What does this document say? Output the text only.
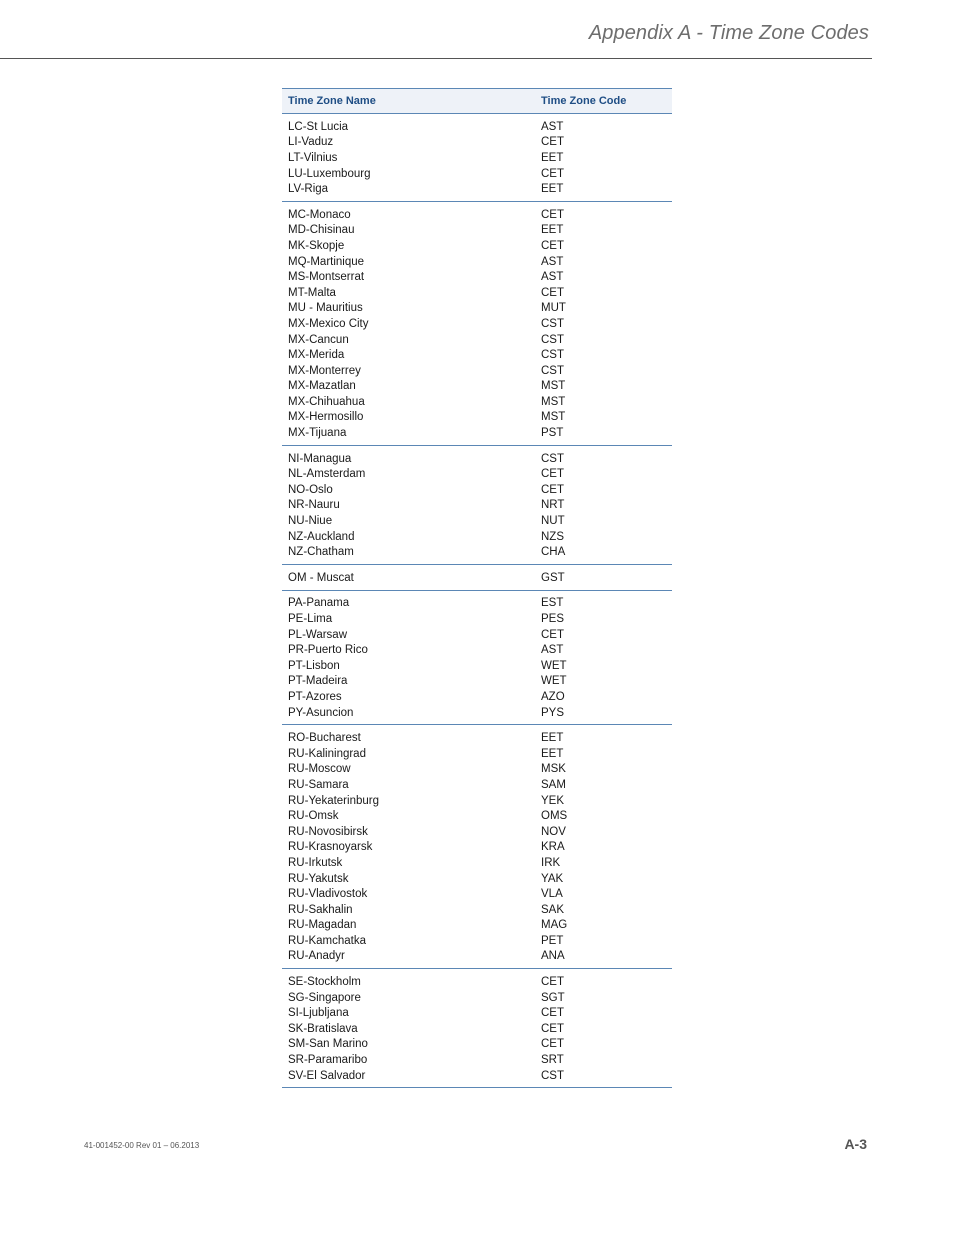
Appendix A - Time Zone Codes
Time Zone Name	Time Zone Code
LC-St Lucia	AST
LI-Vaduz	CET
LT-Vilnius	EET
LU-Luxembourg	CET
LV-Riga	EET
MC-Monaco	CET
MD-Chisinau	EET
MK-Skopje	CET
MQ-Martinique	AST
MS-Montserrat	AST
MT-Malta	CET
MU - Mauritius	MUT
MX-Mexico City	CST
MX-Cancun	CST
MX-Merida	CST
MX-Monterrey	CST
MX-Mazatlan	MST
MX-Chihuahua	MST
MX-Hermosillo	MST
MX-Tijuana	PST
NI-Managua	CST
NL-Amsterdam	CET
NO-Oslo	CET
NR-Nauru	NRT
NU-Niue	NUT
NZ-Auckland	NZS
NZ-Chatham	CHA
OM - Muscat	GST
PA-Panama	EST
PE-Lima	PES
PL-Warsaw	CET
PR-Puerto Rico	AST
PT-Lisbon	WET
PT-Madeira	WET
PT-Azores	AZO
PY-Asuncion	PYS
RO-Bucharest	EET
RU-Kaliningrad	EET
RU-Moscow	MSK
RU-Samara	SAM
RU-Yekaterinburg	YEK
RU-Omsk	OMS
RU-Novosibirsk	NOV
RU-Krasnoyarsk	KRA
RU-Irkutsk	IRK
RU-Yakutsk	YAK
RU-Vladivostok	VLA
RU-Sakhalin	SAK
RU-Magadan	MAG
RU-Kamchatka	PET
RU-Anadyr	ANA
SE-Stockholm	CET
SG-Singapore	SGT
SI-Ljubljana	CET
SK-Bratislava	CET
SM-San Marino	CET
SR-Paramaribo	SRT
SV-El Salvador	CST
41-001452-00 Rev 01 – 06.2013	A-3
